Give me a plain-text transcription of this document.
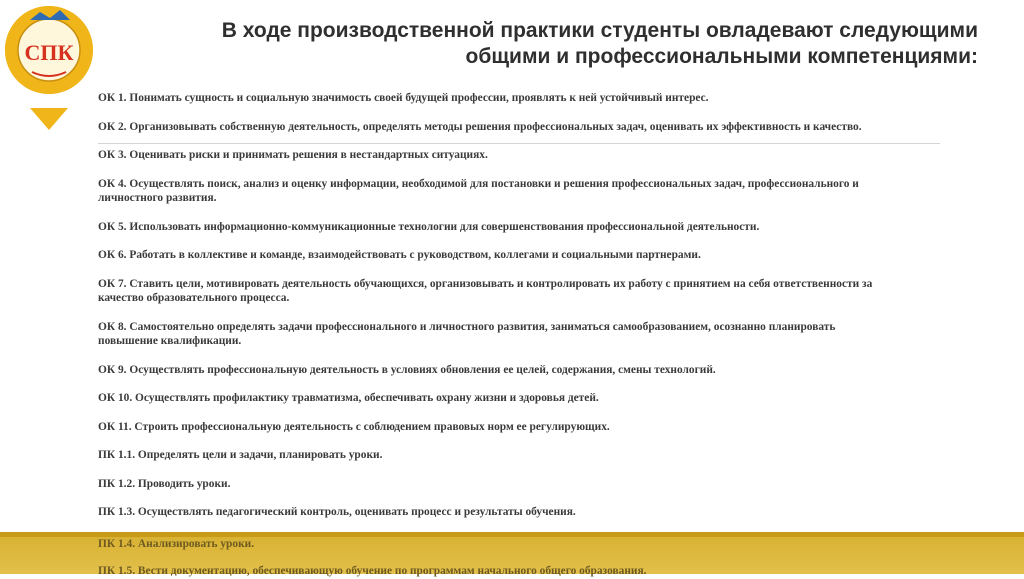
СПК
В ходе производственной практики студенты овладевают следующими
общими и профессиональными компетенциями:
ОК 1. Понимать сущность и социальную значимость своей будущей профессии, проявлять к ней устойчивый интерес.
ОК 2. Организовывать собственную деятельность, определять методы решения профессиональных задач, оценивать их эффективность и качество.
ОК 3. Оценивать риски и принимать решения в нестандартных ситуациях.
ОК 4. Осуществлять поиск, анализ и оценку информации, необходимой для постановки и решения профессиональных задач, профессионального и
личностного развития.
ОК 5. Использовать информационно-коммуникационные технологии для совершенствования профессиональной деятельности.
ОК 6. Работать в коллективе и команде, взаимодействовать с руководством, коллегами и социальными партнерами.
ОК 7. Ставить цели, мотивировать деятельность обучающихся, организовывать и контролировать их работу с принятием на себя ответственности за
качество образовательного процесса.
ОК 8. Самостоятельно определять задачи профессионального и личностного развития, заниматься самообразованием, осознанно планировать
повышение квалификации.
ОК 9. Осуществлять профессиональную деятельность в условиях обновления ее целей, содержания, смены технологий.
ОК 10. Осуществлять профилактику травматизма, обеспечивать охрану жизни и здоровья детей.
ОК 11. Строить профессиональную деятельность с соблюдением правовых норм ее регулирующих.
ПК 1.1. Определять цели и задачи, планировать уроки.
ПК 1.2. Проводить уроки.
ПК 1.3. Осуществлять педагогический контроль, оценивать процесс и результаты обучения.
ПК 1.4. Анализировать уроки.
ПК 1.5. Вести документацию, обеспечивающую обучение по программам начального общего образования.
